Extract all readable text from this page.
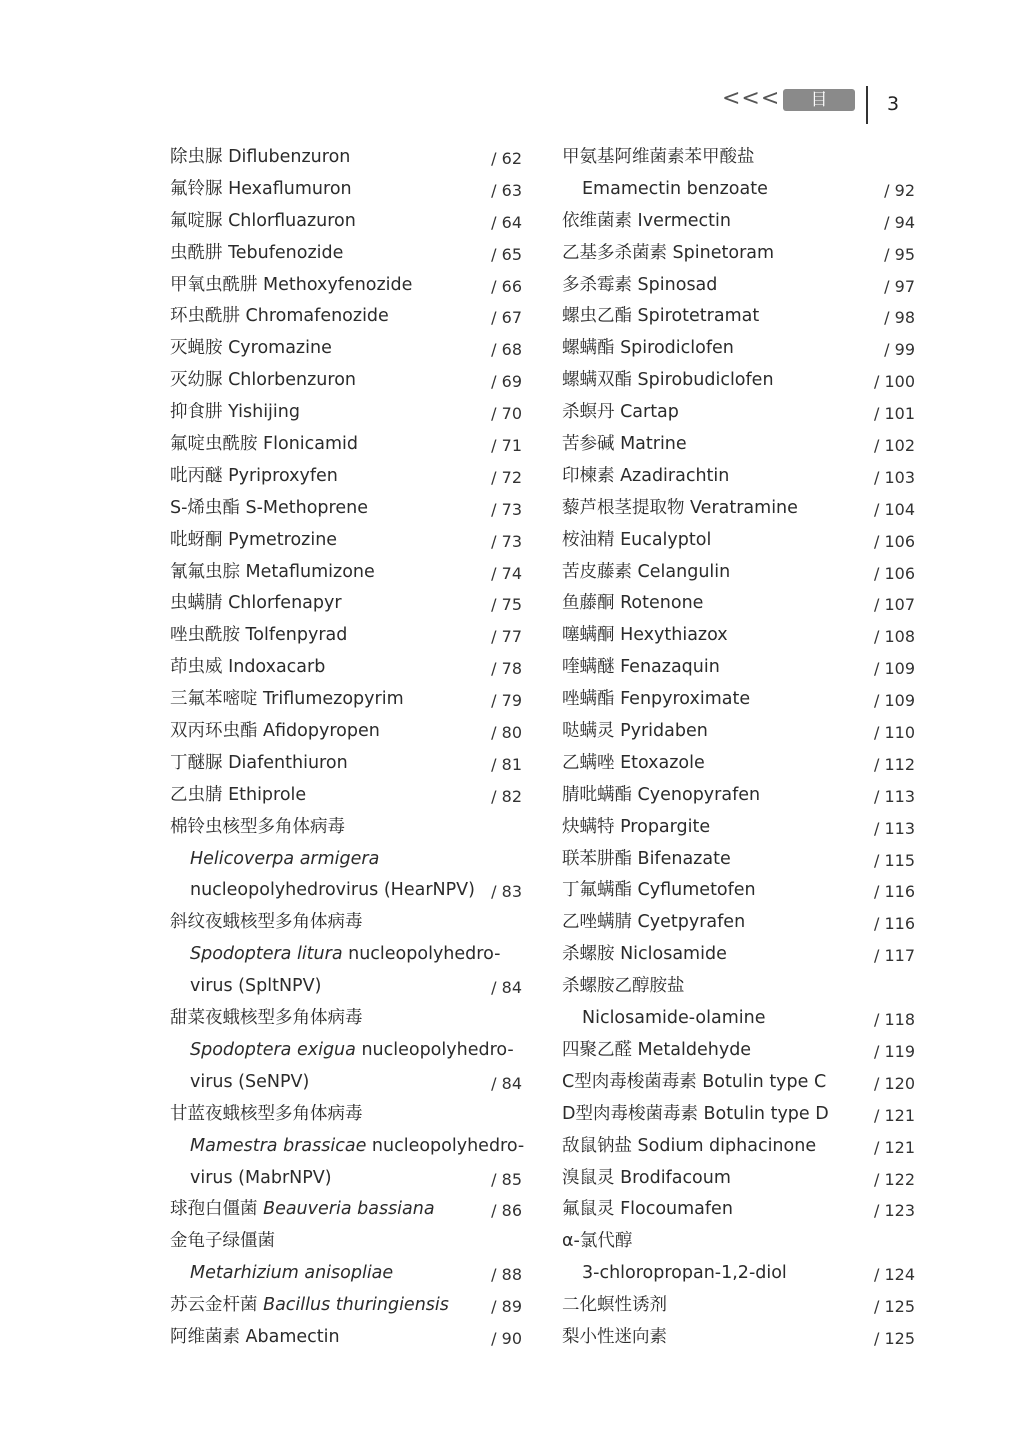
<<<	目 录
3
除虫脲 Diflubenzuron	/ 62
氟铃脲 Hexaflumuron	/ 63
氟啶脲 Chlorfluazuron	/ 64
虫酰肼 Tebufenozide	/ 65
甲氧虫酰肼 Methoxyfenozide	/ 66
环虫酰肼 Chromafenozide	/ 67
灭蝇胺 Cyromazine	/ 68
灭幼脲 Chlorbenzuron	/ 69
抑食肼 Yishijing	/ 70
氟啶虫酰胺 Flonicamid	/ 71
吡丙醚 Pyriproxyfen	/ 72
S-烯虫酯 S-Methoprene	/ 73
吡蚜酮 Pymetrozine	/ 73
氰氟虫腙 Metaflumizone	/ 74
虫螨腈 Chlorfenapyr	/ 75
唑虫酰胺 Tolfenpyrad	/ 77
茚虫威 Indoxacarb	/ 78
三氟苯嘧啶 Triflumezopyrim	/ 79
双丙环虫酯 Afidopyropen	/ 80
丁醚脲 Diafenthiuron	/ 81
乙虫腈 Ethiprole	/ 82
棉铃虫核型多角体病毒
Helicoverpa armigera
nucleopolyhedrovirus (HearNPV) / 83
斜纹夜蛾核型多角体病毒
Spodoptera litura nucleopolyhedro-
virus (SpltNPV)	/ 84
甜菜夜蛾核型多角体病毒
Spodoptera exigua nucleopolyhedro-
virus (SeNPV)	/ 84
甘蓝夜蛾核型多角体病毒
Mamestra brassicae nucleopolyhedro-
virus (MabrNPV)	/ 85
球孢白僵菌 Beauveria bassiana	/ 86
金龟子绿僵菌
Metarhizium anisopliae	/ 88
苏云金杆菌 Bacillus thuringiensis	/ 89
阿维菌素 Abamectin	/ 90
甲氨基阿维菌素苯甲酸盐
Emamectin benzoate	/ 92
依维菌素 Ivermectin	/ 94
乙基多杀菌素 Spinetoram	/ 95
多杀霉素 Spinosad	/ 97
螺虫乙酯 Spirotetramat	/ 98
螺螨酯 Spirodiclofen	/ 99
螺螨双酯 Spirobudiclofen	/ 100
杀螟丹 Cartap	/ 101
苦参碱 Matrine	/ 102
印楝素 Azadirachtin	/ 103
藜芦根茎提取物 Veratramine	/ 104
桉油精 Eucalyptol	/ 106
苦皮藤素 Celangulin	/ 106
鱼藤酮 Rotenone	/ 107
噻螨酮 Hexythiazox	/ 108
喹螨醚 Fenazaquin	/ 109
唑螨酯 Fenpyroximate	/ 109
哒螨灵 Pyridaben	/ 110
乙螨唑 Etoxazole	/ 112
腈吡螨酯 Cyenopyrafen	/ 113
炔螨特 Propargite	/ 113
联苯肼酯 Bifenazate	/ 115
丁氟螨酯 Cyflumetofen	/ 116
乙唑螨腈 Cyetpyrafen	/ 116
杀螺胺 Niclosamide	/ 117
杀螺胺乙醇胺盐
Niclosamide-olamine	/ 118
四聚乙醛 Metaldehyde	/ 119
C型肉毒梭菌毒素 Botulin type C	/ 120
D型肉毒梭菌毒素 Botulin type D	/ 121
敌鼠钠盐 Sodium diphacinone	/ 121
溴鼠灵 Brodifacoum	/ 122
氟鼠灵 Flocoumafen	/ 123
α-氯代醇
3-chloropropan-1,2-diol	/ 124
二化螟性诱剂	/ 125
梨小性迷向素	/ 125
